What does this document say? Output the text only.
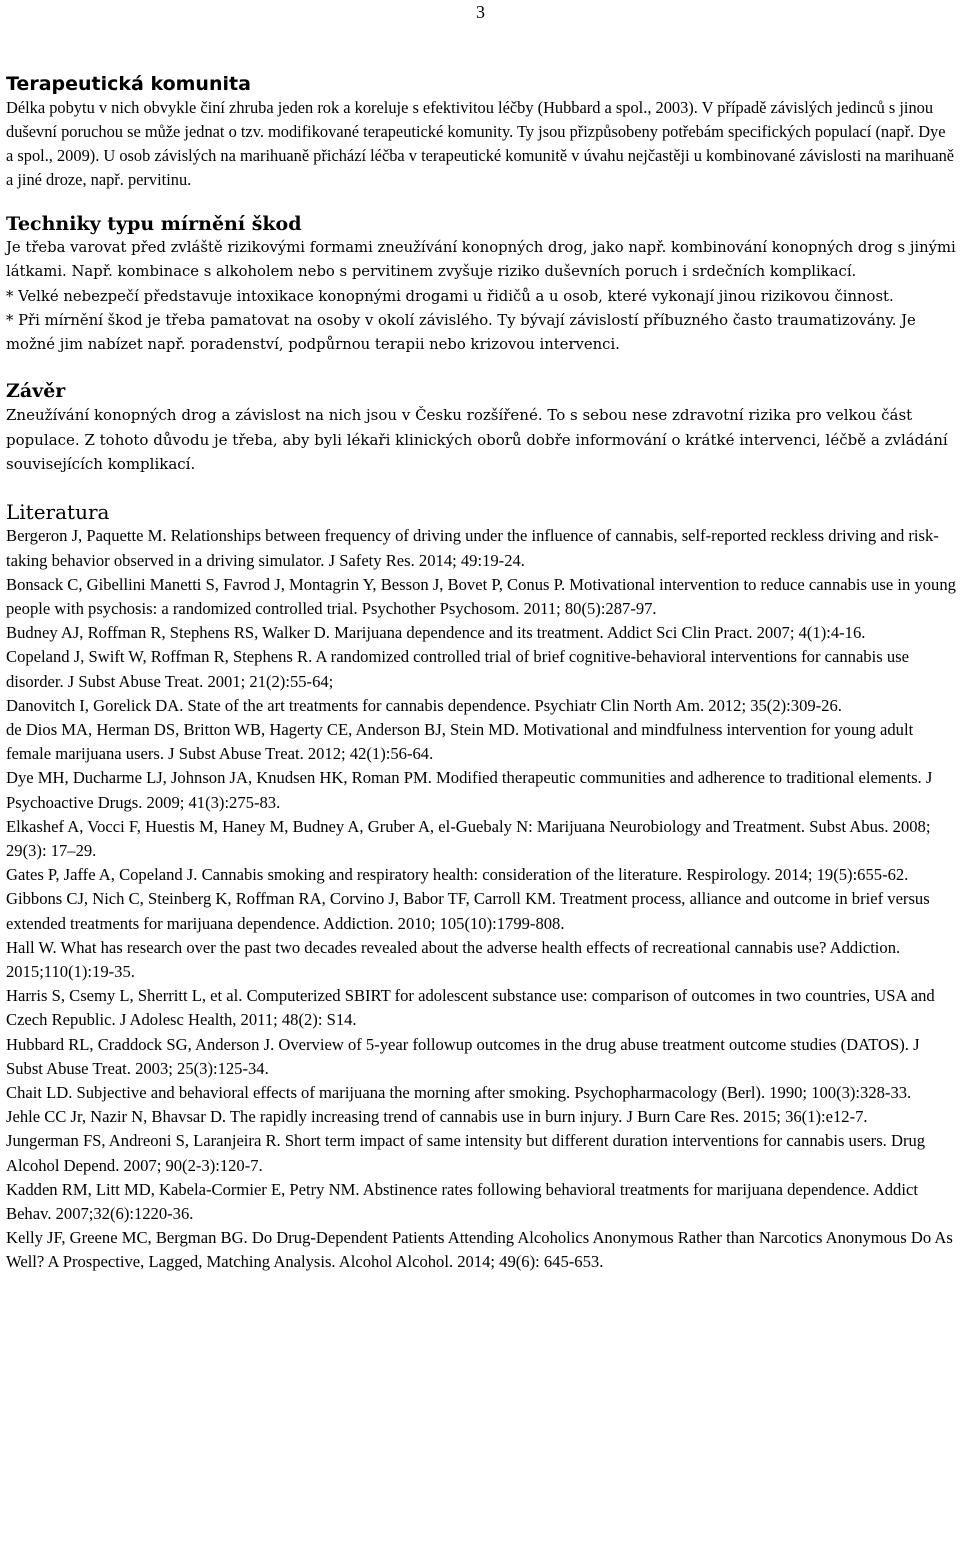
3
Terapeutická komunita

Délka pobytu v nich obvykle činí zhruba jeden rok a koreluje s efektivitou léčby (Hubbard a spol., 2003). V případě závislých jedinců s jinou duševní poruchou se může jednat o tzv. modifikované terapeutické komunity. Ty jsou přizpůsobeny potřebám specifických populací (např. Dye a spol., 2009). U osob závislých na marihuaně přichází léčba v terapeutické komunitě v úvahu nejčastěji u kombinované závislosti na marihuaně a jiné droze, např. pervitinu.

Techniky typu mírnění škod

Je třeba varovat před zvláště rizikovými formami zneužívání konopných drog, jako např. kombinování konopných drog s jinými látkami. Např. kombinace s alkoholem nebo s pervitinem zvyšuje riziko duševních poruch i srdečních komplikací.

* Velké nebezpečí představuje intoxikace konopnými drogami u řidičů a u osob, které vykonají jinou rizikovou činnost.

* Při mírnění škod je třeba pamatovat na osoby v okolí závislého. Ty bývají závislostí příbuzného často traumatizovány. Je možné jim nabízet např. poradenství, podpůrnou terapii nebo krizovou intervenci.

Závěr

Zneužívání konopných drog a závislost na nich jsou v Česku rozšířené. To s sebou nese zdravotní rizika pro velkou část populace. Z tohoto důvodu je třeba, aby byli lékaři klinických oborů dobře informování o krátké intervenci, léčbě a zvládání souvisejících komplikací.

Literatura
Bergeron J, Paquette M. Relationships between frequency of driving under the influence of cannabis, self-reported reckless driving and risk-taking behavior observed in a driving simulator. J Safety Res. 2014; 49:19-24.
Bonsack C, Gibellini Manetti S, Favrod J, Montagrin Y, Besson J, Bovet P, Conus P. Motivational intervention to reduce cannabis use in young people with psychosis: a randomized controlled trial. Psychother Psychosom. 2011; 80(5):287-97.
Budney AJ, Roffman R, Stephens RS, Walker D. Marijuana dependence and its treatment. Addict Sci Clin Pract. 2007; 4(1):4-16.
Copeland J, Swift W, Roffman R, Stephens R. A randomized controlled trial of brief cognitive-behavioral interventions for cannabis use disorder. J Subst Abuse Treat. 2001; 21(2):55-64;
Danovitch I, Gorelick DA. State of the art treatments for cannabis dependence. Psychiatr Clin North Am. 2012; 35(2):309-26.
de Dios MA, Herman DS, Britton WB, Hagerty CE, Anderson BJ, Stein MD. Motivational and mindfulness intervention for young adult female marijuana users. J Subst Abuse Treat. 2012; 42(1):56-64.
Dye MH, Ducharme LJ, Johnson JA, Knudsen HK, Roman PM. Modified therapeutic communities and adherence to traditional elements. J Psychoactive Drugs. 2009; 41(3):275-83.
Elkashef A, Vocci F, Huestis M, Haney M, Budney A, Gruber A, el-Guebaly N: Marijuana Neurobiology and Treatment. Subst Abus. 2008; 29(3): 17–29.
Gates P, Jaffe A, Copeland J. Cannabis smoking and respiratory health: consideration of the literature. Respirology. 2014; 19(5):655-62.
Gibbons CJ, Nich C, Steinberg K, Roffman RA, Corvino J, Babor TF, Carroll KM. Treatment process, alliance and outcome in brief versus extended treatments for marijuana dependence. Addiction. 2010; 105(10):1799-808.
Hall W. What has research over the past two decades revealed about the adverse health effects of recreational cannabis use? Addiction. 2015;110(1):19-35.
Harris S, Csemy L, Sherritt L, et al. Computerized SBIRT for adolescent substance use: comparison of outcomes in two countries, USA and Czech Republic. J Adolesc Health, 2011; 48(2): S14.
Hubbard RL, Craddock SG, Anderson J. Overview of 5-year followup outcomes in the drug abuse treatment outcome studies (DATOS). J Subst Abuse Treat. 2003; 25(3):125-34.
Chait LD. Subjective and behavioral effects of marijuana the morning after smoking. Psychopharmacology (Berl). 1990; 100(3):328-33.
Jehle CC Jr, Nazir N, Bhavsar D. The rapidly increasing trend of cannabis use in burn injury. J Burn Care Res. 2015; 36(1):e12-7.
Jungerman FS, Andreoni S, Laranjeira R. Short term impact of same intensity but different duration interventions for cannabis users. Drug Alcohol Depend. 2007; 90(2-3):120-7.
Kadden RM, Litt MD, Kabela-Cormier E, Petry NM. Abstinence rates following behavioral treatments for marijuana dependence. Addict Behav. 2007;32(6):1220-36.
Kelly JF, Greene MC, Bergman BG. Do Drug-Dependent Patients Attending Alcoholics Anonymous Rather than Narcotics Anonymous Do As Well? A Prospective, Lagged, Matching Analysis. Alcohol Alcohol. 2014; 49(6): 645-653.
